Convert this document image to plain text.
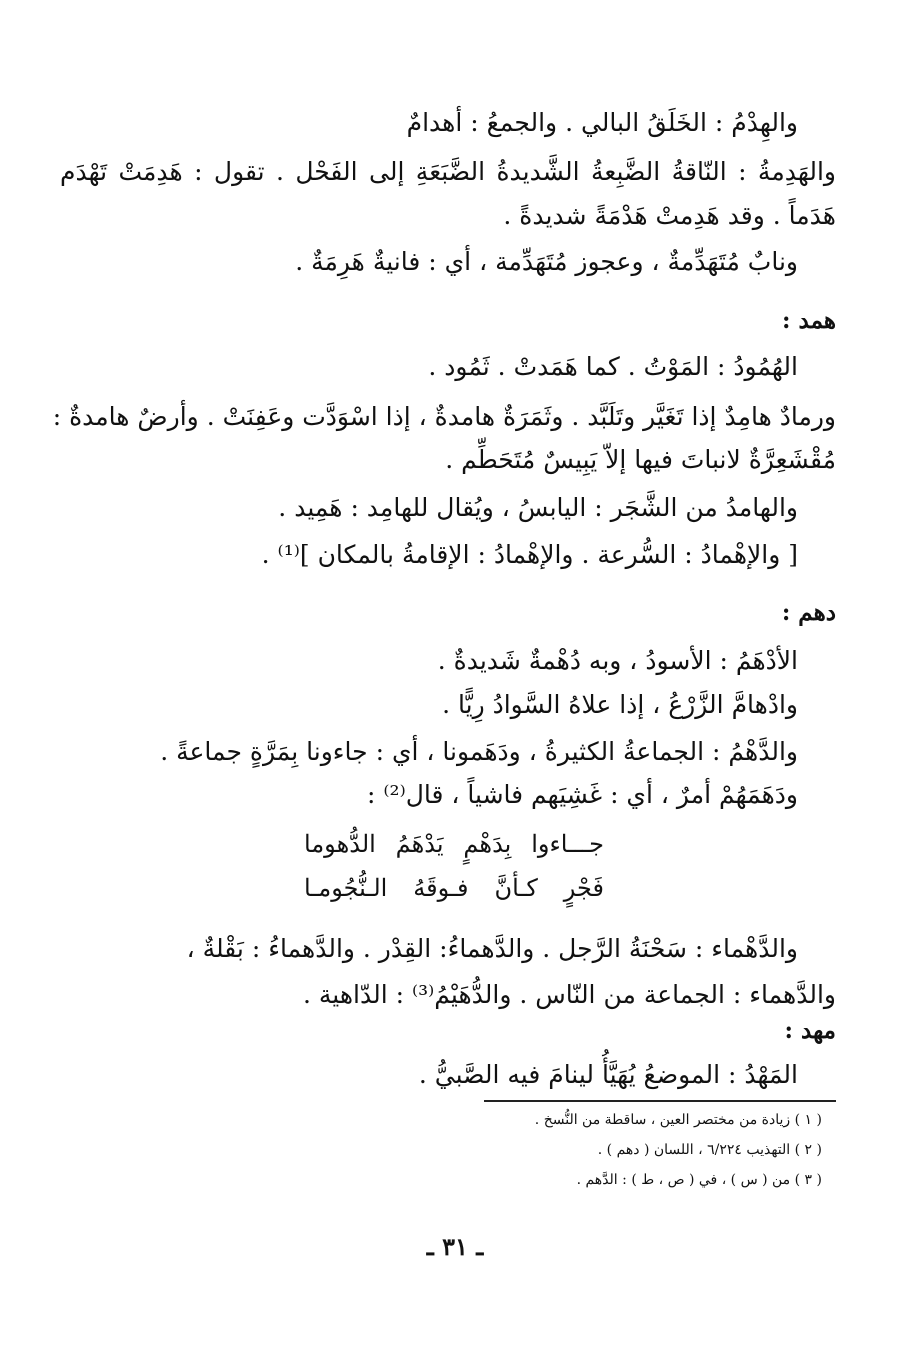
والهِدْمُ : الخَلَقُ البالي . والجمعُ : أهدامٌ
والهَدِمةُ : النّاقةُ الضَّبِعةُ الشَّديدةُ الضَّبَعَةِ إلى الفَحْل . تقول : هَدِمَتْ تَهْدَم
هَدَماً . وقد هَدِمتْ هَدْمَةً شديدةً .
ونابٌ مُتَهَدِّمةٌ ، وعجوز مُتَهَدِّمة ، أي : فانيةٌ هَرِمَةٌ .
همد :
الهُمُودُ : المَوْتُ . كما هَمَدتْ . ثَمُود .
ورمادٌ هامِدٌ إذا تَغَيَّر وتَلَبَّد . وثَمَرَةٌ هامدةٌ ، إذا اسْوَدَّت وعَفِنَتْ . وأرضٌ هامدةٌ :
مُقْشَعِرَّةٌ لانباتَ فيها إلاّ يَبِيسٌ مُتَحَطِّم .
والهامدُ من الشَّجَر : اليابسُ ، ويُقال للهامِد : هَمِيد .
[ والإهْمادُ : السُّرعة . والإهْمادُ : الإقامةُ بالمكان ]⁽¹⁾ .
دهم :
الأدْهَمُ : الأسودُ ، وبه دُهْمةٌ شَديدةٌ .
وادْهامَّ الزَّرْعُ ، إذا علاهُ السَّوادُ رِيًّا .
والدَّهْمُ : الجماعةُ الكثيرةُ ، ودَهَمونا ، أي : جاءونا بِمَرَّةٍ جماعةً .
ودَهَمَهُمْ أمرٌ ، أي : غَشِيَهم فاشياً ، قال⁽²⁾ :
جـــاءوا بِدَهْمٍ يَدْهَمُ الدُّهوما
فَجْرٍ كـأنَّ فـوقَهُ الـنُّجُومـا
والدَّهْماء : سَحْنَةُ الرَّجل . والدَّهماءُ: القِدْر . والدَّهماءُ : بَقْلةٌ ،
والدَّهماء : الجماعة من النّاس . والدُّهَيْمُ⁽³⁾ : الدّاهية .
مهد :
المَهْدُ : الموضعُ يُهَيَّأُ لينامَ فيه الصَّبيُّ .
( ١ ) زيادة من مختصر العين ، ساقطة من النُّسخ .
( ٢ ) التهذيب ٦/٢٢٤ ، اللسان ( دهم ) .
( ٣ ) من ( س ) ، في ( ص ، ط ) : الدَّهم .
ـ ٣١ ـ
